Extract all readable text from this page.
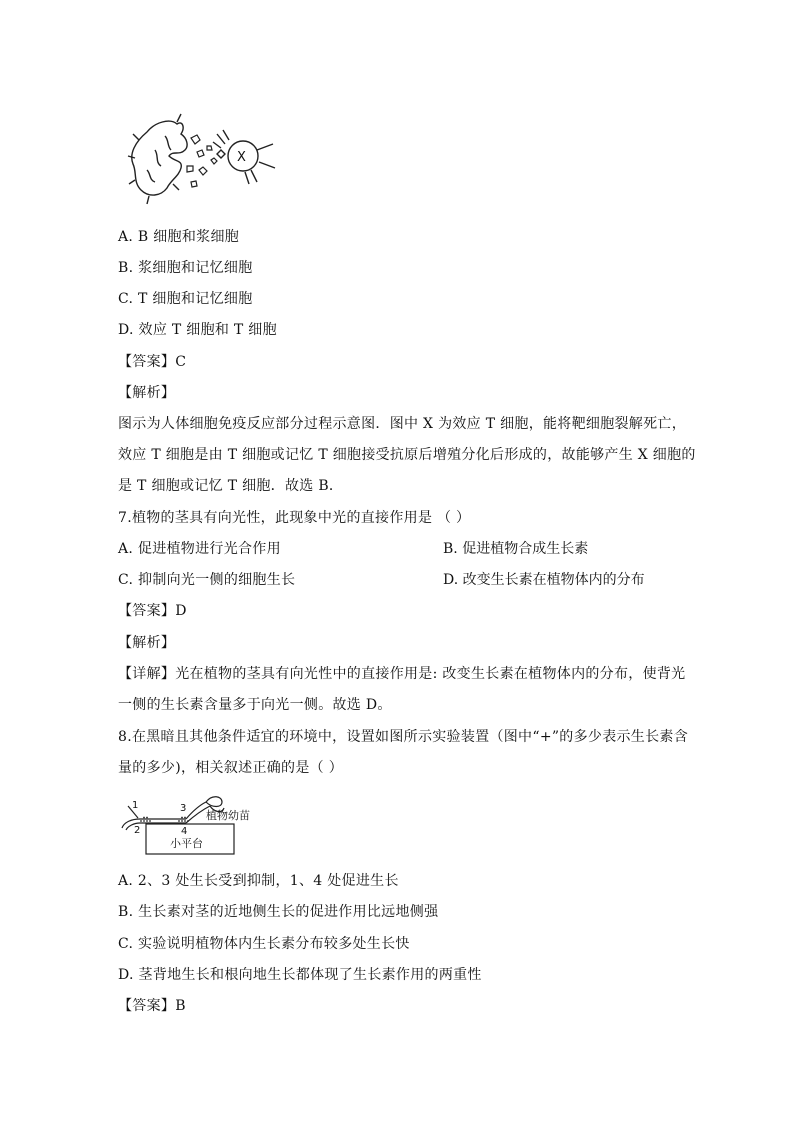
X
A. B 细胞和浆细胞
B. 浆细胞和记忆细胞
C. T 细胞和记忆细胞
D. 效应 T 细胞和 T 细胞
【答案】C
【解析】
图示为人体细胞免疫反应部分过程示意图．图中 X 为效应 T 细胞，能将靶细胞裂解死亡，
效应 T 细胞是由 T 细胞或记忆 T 细胞接受抗原后增殖分化后形成的，故能够产生 X 细胞的
是 T 细胞或记忆 T 细胞．故选 B．
7.植物的茎具有向光性，此现象中光的直接作用是 （ ）
A. 促进植物进行光合作用	B. 促进植物合成生长素
C. 抑制向光一侧的细胞生长	D. 改变生长素在植物体内的分布
【答案】D
【解析】
【详解】光在植物的茎具有向光性中的直接作用是: 改变生长素在植物体内的分布，使背光
一侧的生长素含量多于向光一侧。故选 D。
8.在黑暗且其他条件适宜的环境中，设置如图所示实验装置（图中“+”的多少表示生长素含
量的多少)，相关叙述正确的是（ ）
1
2
3
4
植物幼苗
小平台
A. 2、3 处生长受到抑制，1、4 处促进生长
B. 生长素对茎的近地侧生长的促进作用比远地侧强
C. 实验说明植物体内生长素分布较多处生长快
D. 茎背地生长和根向地生长都体现了生长素作用的两重性
【答案】B
